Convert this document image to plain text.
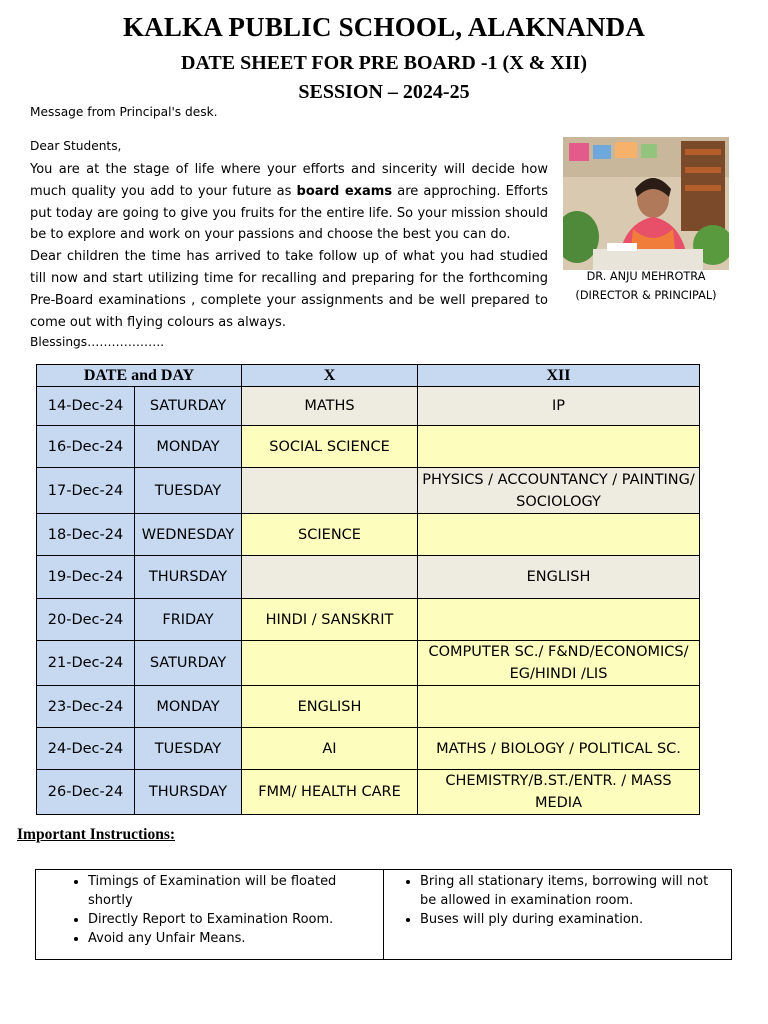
KALKA PUBLIC SCHOOL, ALAKNANDA
DATE SHEET FOR PRE BOARD -1 (X & XII)
SESSION – 2024-25
Message from Principal's desk.
Dear Students,

You are at the stage of life where your efforts and sincerity will decide how much quality you add to your future as board exams are approching. Efforts put today are going to give you fruits for the entire life. So your mission should be to explore and work on your passions and choose the best you can do.

Dear children the time has arrived to take follow up of what you had studied till now and start utilizing time for recalling and preparing for the forthcoming Pre-Board examinations , complete your assignments and be well prepared to come out with flying colours as always.

Blessings……………….
DR. ANJU MEHROTRA
(DIRECTOR & PRINCIPAL)
DATE and DAY		X	XII
14-Dec-24	SATURDAY	MATHS	IP
16-Dec-24	MONDAY	SOCIAL SCIENCE	
17-Dec-24	TUESDAY		PHYSICS / ACCOUNTANCY / PAINTING/ SOCIOLOGY
18-Dec-24	WEDNESDAY	SCIENCE	
19-Dec-24	THURSDAY		ENGLISH
20-Dec-24	FRIDAY	HINDI / SANSKRIT	
21-Dec-24	SATURDAY		COMPUTER SC./ F&ND/ECONOMICS/ EG/HINDI /LIS
23-Dec-24	MONDAY	ENGLISH	
24-Dec-24	TUESDAY	AI	MATHS / BIOLOGY / POLITICAL SC.
26-Dec-24	THURSDAY	FMM/ HEALTH CARE	CHEMISTRY/B.ST./ENTR. / MASS MEDIA
Important Instructions:
• Timings of Examination will be floated shortly
• Directly Report to Examination Room.
• Avoid any Unfair Means.
• Bring all stationary items, borrowing will not be allowed in examination room.
• Buses will ply during examination.
